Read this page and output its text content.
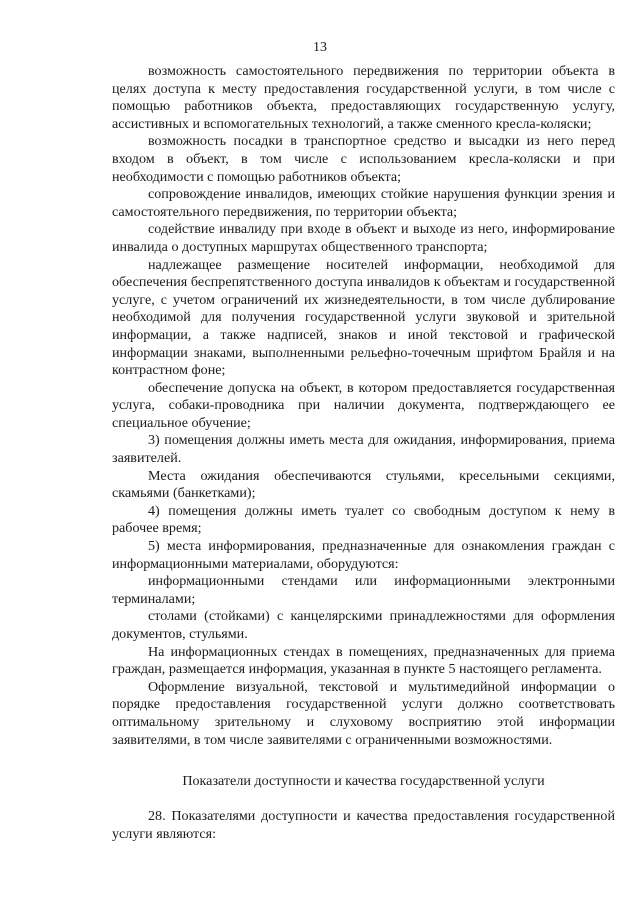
13

возможность самостоятельного передвижения по территории объекта в целях доступа к месту предоставления государственной услуги, в том числе с помощью работников объекта, предоставляющих государственную услугу, ассистивных и вспомогательных технологий, а также сменного кресла-коляски;

возможность посадки в транспортное средство и высадки из него перед входом в объект, в том числе с использованием кресла-коляски и при необходимости с помощью работников объекта;

сопровождение инвалидов, имеющих стойкие нарушения функции зрения и самостоятельного передвижения, по территории объекта;

содействие инвалиду при входе в объект и выходе из него, информирование инвалида о доступных маршрутах общественного транспорта;

надлежащее размещение носителей информации, необходимой для обеспечения беспрепятственного доступа инвалидов к объектам и государственной услуге, с учетом ограничений их жизнедеятельности, в том числе дублирование необходимой для получения государственной услуги звуковой и зрительной информации, а также надписей, знаков и иной текстовой и графической информации знаками, выполненными рельефно-точечным шрифтом Брайля и на контрастном фоне;

обеспечение допуска на объект, в котором предоставляется государственная услуга, собаки-проводника при наличии документа, подтверждающего ее специальное обучение;

3) помещения должны иметь места для ожидания, информирования, приема заявителей.

Места ожидания обеспечиваются стульями, кресельными секциями, скамьями (банкетками);

4) помещения должны иметь туалет со свободным доступом к нему в рабочее время;

5) места информирования, предназначенные для ознакомления граждан с информационными материалами, оборудуются:

информационными стендами или информационными электронными терминалами;

столами (стойками) с канцелярскими принадлежностями для оформления документов, стульями.

На информационных стендах в помещениях, предназначенных для приема граждан, размещается информация, указанная в пункте 5 настоящего регламента.

Оформление визуальной, текстовой и мультимедийной информации о порядке предоставления государственной услуги должно соответствовать оптимальному зрительному и слуховому восприятию этой информации заявителями, в том числе заявителями с ограниченными возможностями.

Показатели доступности и качества государственной услуги

28. Показателями доступности и качества предоставления государственной услуги являются:
